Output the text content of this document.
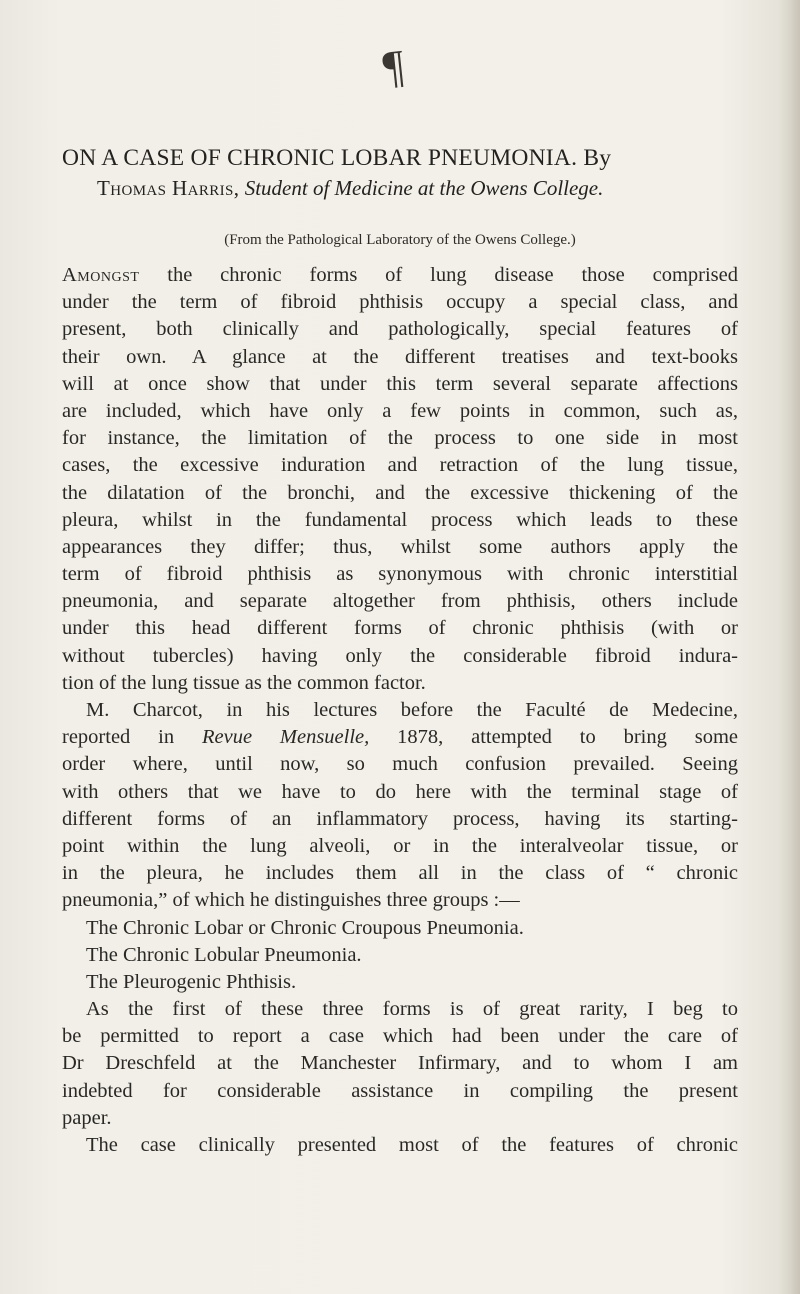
¶
ON A CASE OF CHRONIC LOBAR PNEUMONIA. By
Thomas Harris, Student of Medicine at the Owens College.
(From the Pathological Laboratory of the Owens College.)
Amongst the chronic forms of lung disease those comprised
under the term of fibroid phthisis occupy a special class, and
present, both clinically and pathologically, special features of
their own. A glance at the different treatises and text-books
will at once show that under this term several separate affections
are included, which have only a few points in common, such as,
for instance, the limitation of the process to one side in most
cases, the excessive induration and retraction of the lung tissue,
the dilatation of the bronchi, and the excessive thickening of the
pleura, whilst in the fundamental process which leads to these
appearances they differ; thus, whilst some authors apply the
term of fibroid phthisis as synonymous with chronic interstitial
pneumonia, and separate altogether from phthisis, others include
under this head different forms of chronic phthisis (with or
without tubercles) having only the considerable fibroid indura-
tion of the lung tissue as the common factor.
M. Charcot, in his lectures before the Faculté de Medecine,
reported in Revue Mensuelle, 1878, attempted to bring some
order where, until now, so much confusion prevailed. Seeing
with others that we have to do here with the terminal stage of
different forms of an inflammatory process, having its starting-
point within the lung alveoli, or in the interalveolar tissue, or
in the pleura, he includes them all in the class of “ chronic
pneumonia,” of which he distinguishes three groups :—
The Chronic Lobar or Chronic Croupous Pneumonia.
The Chronic Lobular Pneumonia.
The Pleurogenic Phthisis.
As the first of these three forms is of great rarity, I beg to
be permitted to report a case which had been under the care of
Dr Dreschfeld at the Manchester Infirmary, and to whom I am
indebted for considerable assistance in compiling the present
paper.
The case clinically presented most of the features of chronic
